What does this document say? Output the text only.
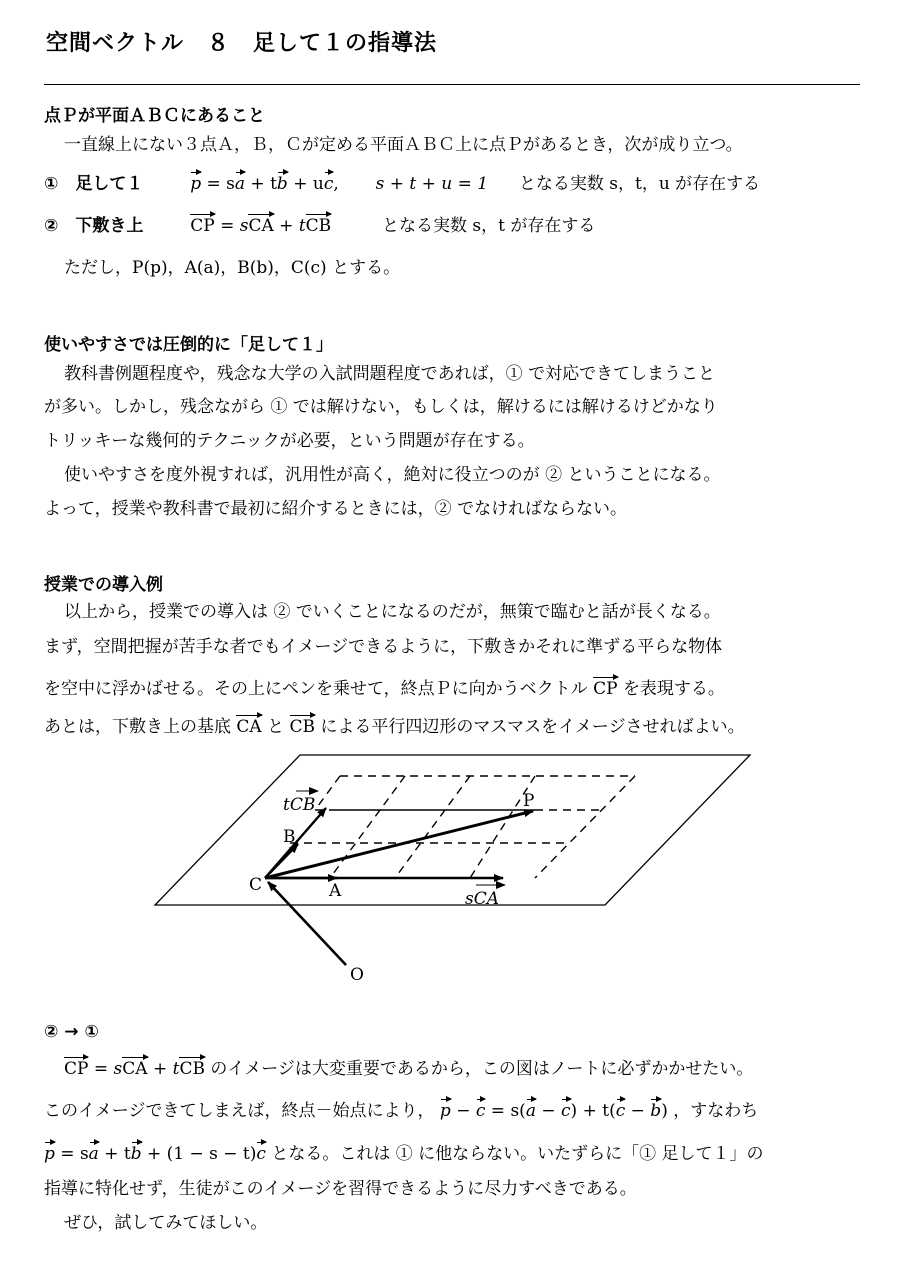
空間ベクトル　８　足して１の指導法
点Ｐが平面ＡＢＣにあること
一直線上にない３点Ａ，Ｂ，Ｃが定める平面ＡＢＣ上に点Ｐがあるとき，次が成り立つ。
①　足して１	p = sa + tb + uc, s + t + u = 1 となる実数 s，t，u が存在する
②　下敷き上	CP = sCA + tCB	となる実数 s，t が存在する
ただし，P(p)，A(a)，B(b)，C(c) とする。
使いやすさでは圧倒的に「足して１」
教科書例題程度や，残念な大学の入試問題程度であれば，① で対応できてしまうこと
が多い。しかし，残念ながら ① では解けない，もしくは，解けるには解けるけどかなり
トリッキーな幾何的テクニックが必要，という問題が存在する。
使いやすさを度外視すれば，汎用性が高く，絶対に役立つのが ② ということになる。
よって，授業や教科書で最初に紹介するときには，② でなければならない。
授業での導入例
以上から，授業での導入は ② でいくことになるのだが，無策で臨むと話が長くなる。
まず，空間把握が苦手な者でもイメージできるように，下敷きかそれに準ずる平らな物体
を空中に浮かばせる。その上にペンを乗せて，終点Ｐに向かうベクトル CP を表現する。
あとは，下敷き上の基底 CA と CB による平行四辺形のマスマスをイメージさせればよい。
tCB	P
B
C	A	sCA
O
② → ①
CP = sCA + tCB のイメージは大変重要であるから，この図はノートに必ずかかせたい。
このイメージできてしまえば，終点－始点により， p − c = s(a − c) + t(c − b) ，すなわち
p = sa + tb + (1 − s − t)c となる。これは ① に他ならない。いたずらに「① 足して１」の
指導に特化せず，生徒がこのイメージを習得できるように尽力すべきである。
ぜひ，試してみてほしい。
